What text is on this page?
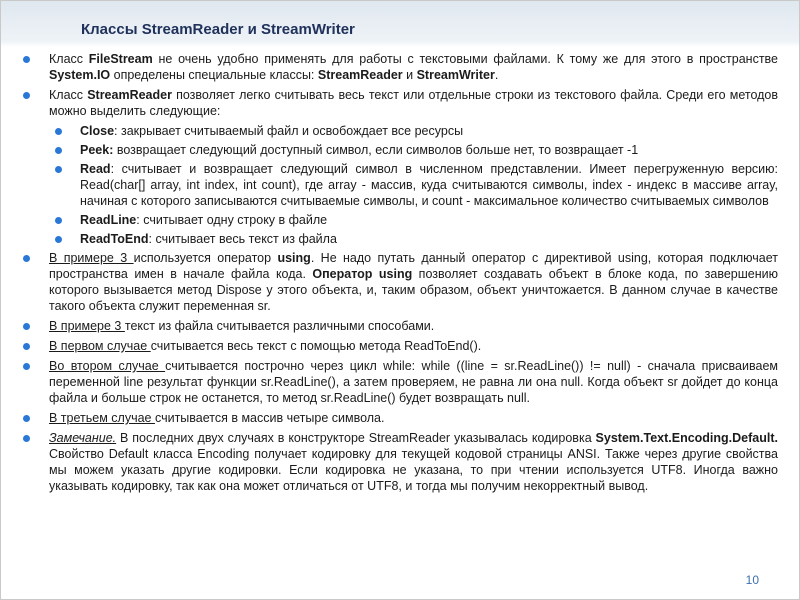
Классы StreamReader и StreamWriter
Класс FileStream не очень удобно применять для работы с текстовыми файлами. К тому же для этого в пространстве System.IO определены специальные классы: StreamReader и StreamWriter.
Класс StreamReader позволяет легко считывать весь текст или отдельные строки из текстового файла. Среди его методов можно выделить следующие:
Close: закрывает считываемый файл и освобождает все ресурсы
Peek: возвращает следующий доступный символ, если символов больше нет, то возвращает -1
Read: считывает и возвращает следующий символ в численном представлении. Имеет перегруженную версию: Read(char[] array, int index, int count), где array - массив, куда считываются символы, index - индекс в массиве array, начиная с которого записываются считываемые символы, и count - максимальное количество считываемых символов
ReadLine: считывает одну строку в файле
ReadToEnd: считывает весь текст из файла
В примере 3 используется оператор using. Не надо путать данный оператор с директивой using, которая подключает пространства имен в начале файла кода. Оператор using позволяет создавать объект в блоке кода, по завершению которого вызывается метод Dispose у этого объекта, и, таким образом, объект уничтожается. В данном случае в качестве такого объекта служит переменная sr.
В примере 3 текст из файла считывается различными способами.
В первом случае считывается весь текст с помощью метода ReadToEnd().
Во втором случае считывается построчно через цикл while: while ((line = sr.ReadLine()) != null) - сначала присваиваем переменной line результат функции sr.ReadLine(), а затем проверяем, не равна ли она null. Когда объект sr дойдет до конца файла и больше строк не останется, то метод sr.ReadLine() будет возвращать null.
В третьем случае считывается в массив четыре символа.
Замечание. В последних двух случаях в конструкторе StreamReader указывалась кодировка System.Text.Encoding.Default. Свойство Default класса Encoding получает кодировку для текущей кодовой страницы ANSI. Также через другие свойства мы можем указать другие кодировки. Если кодировка не указана, то при чтении используется UTF8. Иногда важно указывать кодировку, так как она может отличаться от UTF8, и тогда мы получим некорректный вывод.
10
